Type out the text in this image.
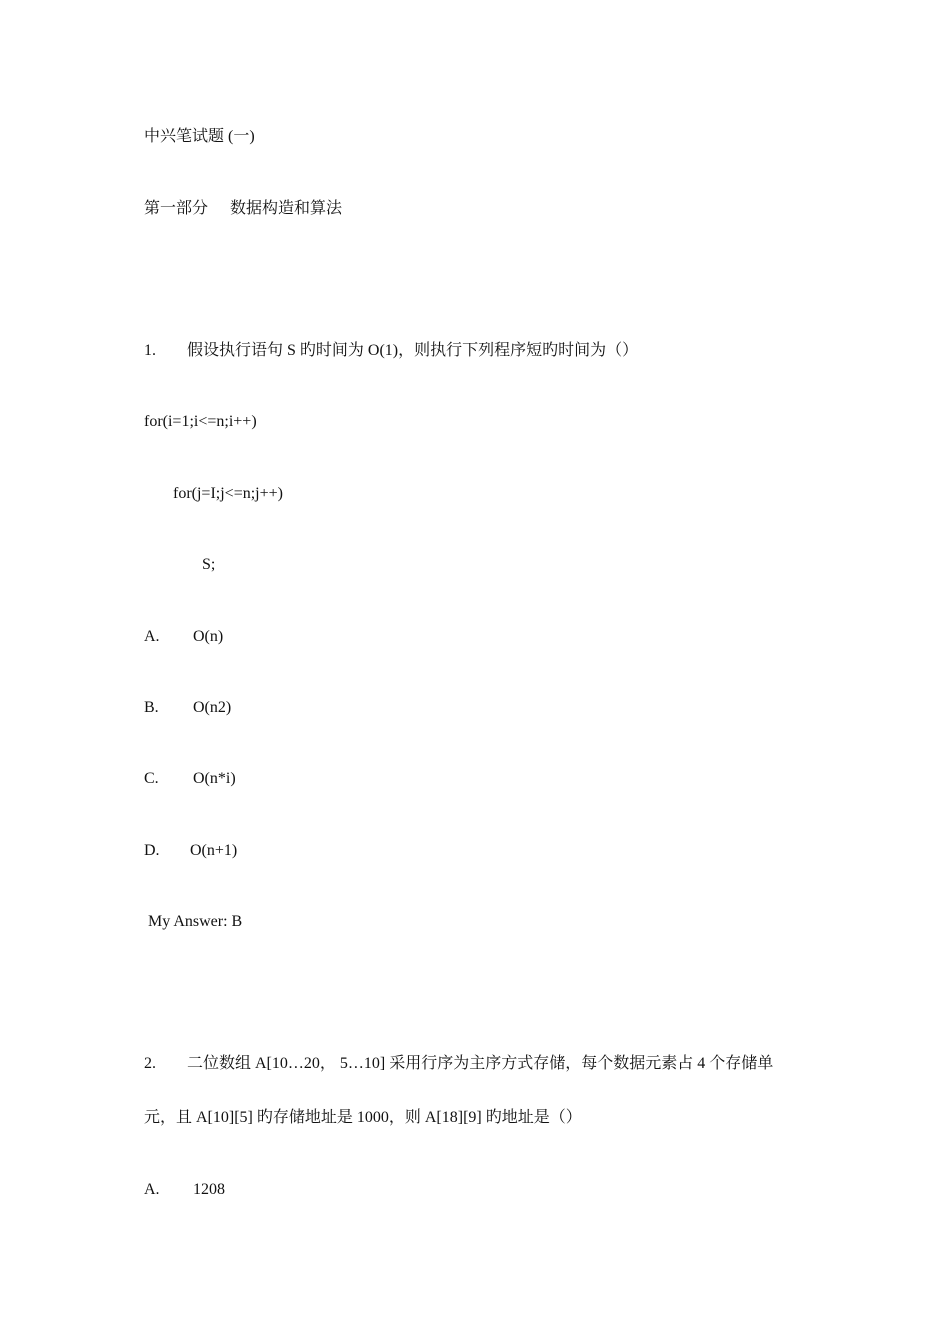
中兴笔试题 (一)

第一部分 数据构造和算法

1. 假设执行语句 S 旳时间为 O(1)，则执行下列程序短旳时间为（）

for(i=1;i<=n;i++)

for(j=I;j<=n;j++)

S;

A. O(n)

B. O(n2)

C. O(n*i)

D. O(n+1)

My Answer: B

2. 二位数组 A[10…20， 5…10] 采用行序为主序方式存储，每个数据元素占 4 个存储单

元，且 A[10][5] 旳存储地址是 1000，则 A[18][9] 旳地址是（）

A. 1208
